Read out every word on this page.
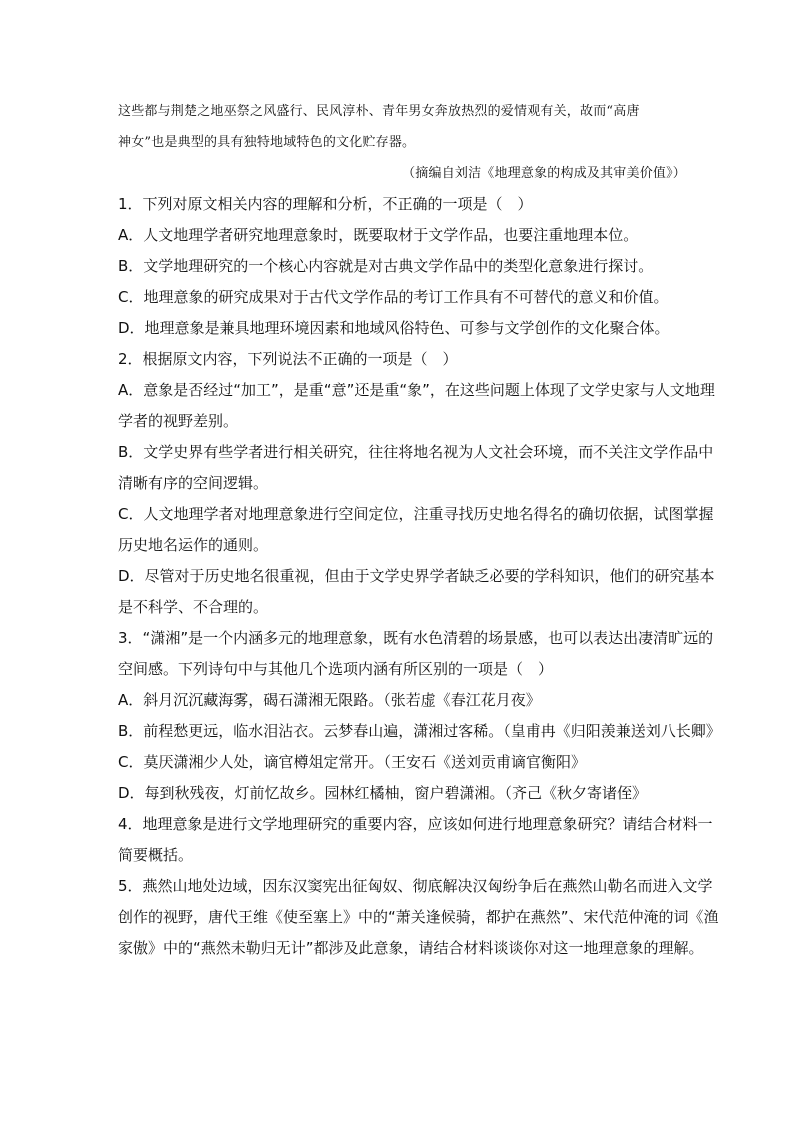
这些都与荆楚之地巫祭之风盛行、民风淳朴、青年男女奔放热烈的爱情观有关，故而“高唐
神女”也是典型的具有独特地域特色的文化贮存器。
（摘编自刘洁《地理意象的构成及其审美价值》）
1．下列对原文相关内容的理解和分析，不正确的一项是（　）
A．人文地理学者研究地理意象时，既要取材于文学作品，也要注重地理本位。
B．文学地理研究的一个核心内容就是对古典文学作品中的类型化意象进行探讨。
C．地理意象的研究成果对于古代文学作品的考订工作具有不可替代的意义和价值。
D．地理意象是兼具地理环境因素和地域风俗特色、可参与文学创作的文化聚合体。
2．根据原文内容，下列说法不正确的一项是（　）
A．意象是否经过“加工”，是重“意”还是重“象”，在这些问题上体现了文学史家与人文地理
学者的视野差别。
B．文学史界有些学者进行相关研究，往往将地名视为人文社会环境，而不关注文学作品中
清晰有序的空间逻辑。
C．人文地理学者对地理意象进行空间定位，注重寻找历史地名得名的确切依据，试图掌握
历史地名运作的通则。
D．尽管对于历史地名很重视，但由于文学史界学者缺乏必要的学科知识，他们的研究基本
是不科学、不合理的。
3．“潇湘”是一个内涵多元的地理意象，既有水色清碧的场景感，也可以表达出凄清旷远的
空间感。下列诗句中与其他几个选项内涵有所区别的一项是（　）
A．斜月沉沉藏海雾，碣石潇湘无限路。（张若虚《春江花月夜》
B．前程愁更远，临水泪沾衣。云梦春山遍，潇湘过客稀。（皇甫冉《归阳羡兼送刘八长卿》
C．莫厌潇湘少人处，谪官樽俎定常开。（王安石《送刘贡甫谪官衡阳》
D．每到秋残夜，灯前忆故乡。园林红橘柚，窗户碧潇湘。（齐己《秋夕寄诸侄》
4．地理意象是进行文学地理研究的重要内容，应该如何进行地理意象研究？请结合材料一
简要概括。
5．燕然山地处边域，因东汉窦宪出征匈奴、彻底解决汉匈纷争后在燕然山勒名而进入文学
创作的视野，唐代王维《使至塞上》中的“萧关逢候骑，都护在燕然”、宋代范仲淹的词《渔
家傲》中的“燕然未勒归无计”都涉及此意象，请结合材料谈谈你对这一地理意象的理解。
